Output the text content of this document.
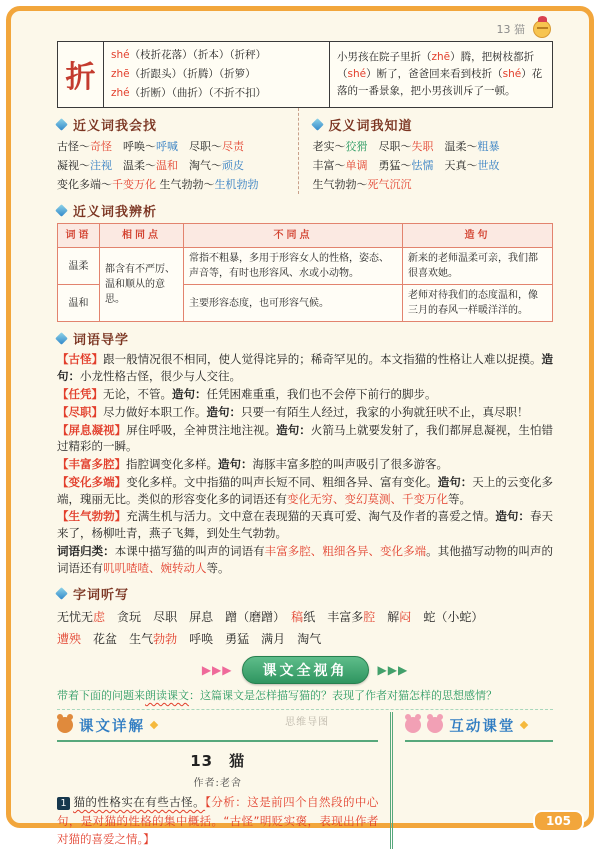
13 猫
折	
shé（枝折花落）（折本）（折秤）
zhē（折跟头）（折腾）（折箩）
zhé（折断）（曲折）（不折不扣）
	小男孩在院子里折（zhē）腾，把树枝都折（shé）断了，爸爸回来看到枝折（shé）花落的一番景象，把小男孩训斥了一顿。
近义词我会找
古怪～奇怪　 呼唤～呼喊　 尽职～尽责
凝视～注视　 温柔～温和　 淘气～顽皮
变化多端～千变万化 生气勃勃～生机勃勃
反义词我知道
老实～狡猾　 尽职～失职　 温柔～粗暴
丰富～单调　 勇猛～怯懦　 天真～世故
生气勃勃～死气沉沉
近义词我辨析
词语	相同点	不同点	造句
温柔	都含有不严厉、温和顺从的意思。	常指不粗暴，多用于形容女人的性格，姿态、声音等，有时也形容风、水或小动物。	新来的老师温柔可亲，我们都很喜欢她。
温和		主要形容态度，也可形容气候。	老师对待我们的态度温和，像三月的春风一样暖洋洋的。
词语导学
【古怪】跟一般情况很不相同，使人觉得诧异的；稀奇罕见的。本文指猫的性格让人难以捉摸。造句：小龙性格古怪，很少与人交往。
【任凭】无论，不管。造句：任凭困难重重，我们也不会停下前行的脚步。
【尽职】尽力做好本职工作。造句：只要一有陌生人经过，我家的小狗就狂吠不止，真尽职！
【屏息凝视】屏住呼吸，全神贯注地注视。造句：火箭马上就要发射了，我们都屏息凝视，生怕错过精彩的一瞬。
【丰富多腔】指腔调变化多样。造句：海豚丰富多腔的叫声吸引了很多游客。
【变化多端】变化多样。文中指猫的叫声长短不同、粗细各异、富有变化。造句：天上的云变化多端，瑰丽无比。类似的形容变化多的词语还有变化无穷、变幻莫测、千变万化等。
【生气勃勃】充满生机与活力。文中意在表现猫的天真可爱、淘气及作者的喜爱之情。造句：春天来了，杨柳吐青，燕子飞舞，到处生气勃勃。
词语归类：本课中描写猫的叫声的词语有丰富多腔、粗细各异、变化多端。其他描写动物的叫声的词语还有叽叽喳喳、婉转动人等。
字词听写
无忧无虑　 贪玩　 尽职　 屏息　 蹭（磨蹭）　 稿纸　 丰富多腔　 解闷　 蛇（小蛇）
遭殃　 花盆　 生气勃勃　 呼唤　 勇猛　 满月　 淘气
▶▶▶	课文全视角	▶▶▶
带着下面的问题来朗读课文：这篇课文是怎样描写猫的？表现了作者对猫怎样的思想感情？
思维导图
课文详解
13 猫
作者:老舍

1 猫的性格实在有些古怪。【分析：这是前四个自然段的中心句，是对猫的性格的集中概括。“古怪”明贬实褒，表现出作者对猫的喜爱之情。】

互动课堂
105
